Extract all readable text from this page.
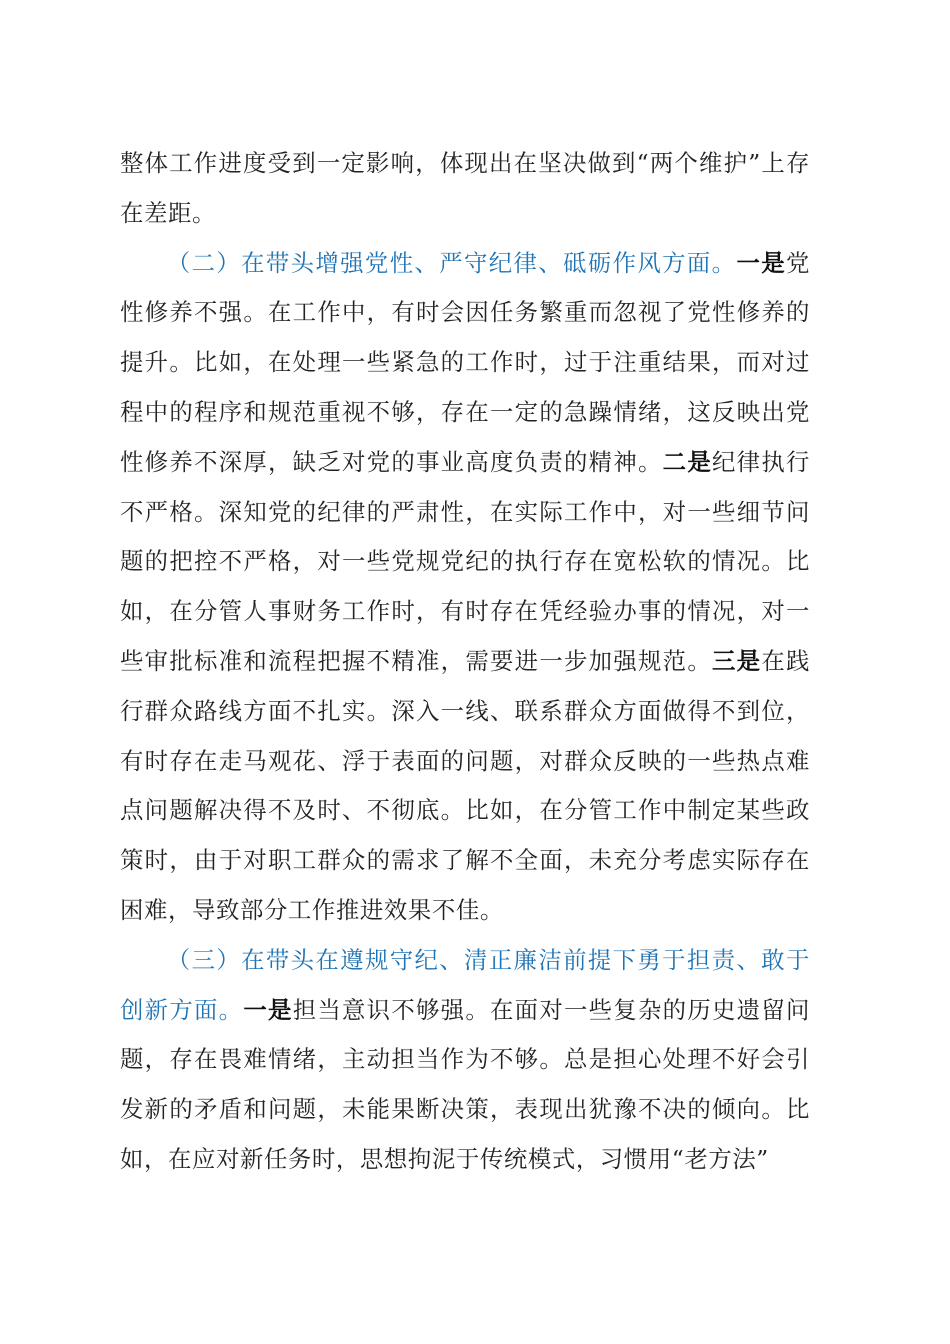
整体工作进度受到一定影响，体现出在坚决做到“两个维护”上存在差距。

（二）在带头增强党性、严守纪律、砥砺作风方面。一是党性修养不强。在工作中，有时会因任务繁重而忽视了党性修养的提升。比如，在处理一些紧急的工作时，过于注重结果，而对过程中的程序和规范重视不够，存在一定的急躁情绪，这反映出党性修养不深厚，缺乏对党的事业高度负责的精神。二是纪律执行不严格。深知党的纪律的严肃性，在实际工作中，对一些细节问题的把控不严格，对一些党规党纪的执行存在宽松软的情况。比如，在分管人事财务工作时，有时存在凭经验办事的情况，对一些审批标准和流程把握不精准，需要进一步加强规范。三是在践行群众路线方面不扎实。深入一线、联系群众方面做得不到位，有时存在走马观花、浮于表面的问题，对群众反映的一些热点难点问题解决得不及时、不彻底。比如，在分管工作中制定某些政策时，由于对职工群众的需求了解不全面，未充分考虑实际存在困难，导致部分工作推进效果不佳。

（三）在带头在遵规守纪、清正廉洁前提下勇于担责、敢于创新方面。一是担当意识不够强。在面对一些复杂的历史遗留问题，存在畏难情绪，主动担当作为不够。总是担心处理不好会引发新的矛盾和问题，未能果断决策，表现出犹豫不决的倾向。比如，在应对新任务时，思想拘泥于传统模式，习惯用“老方法”
